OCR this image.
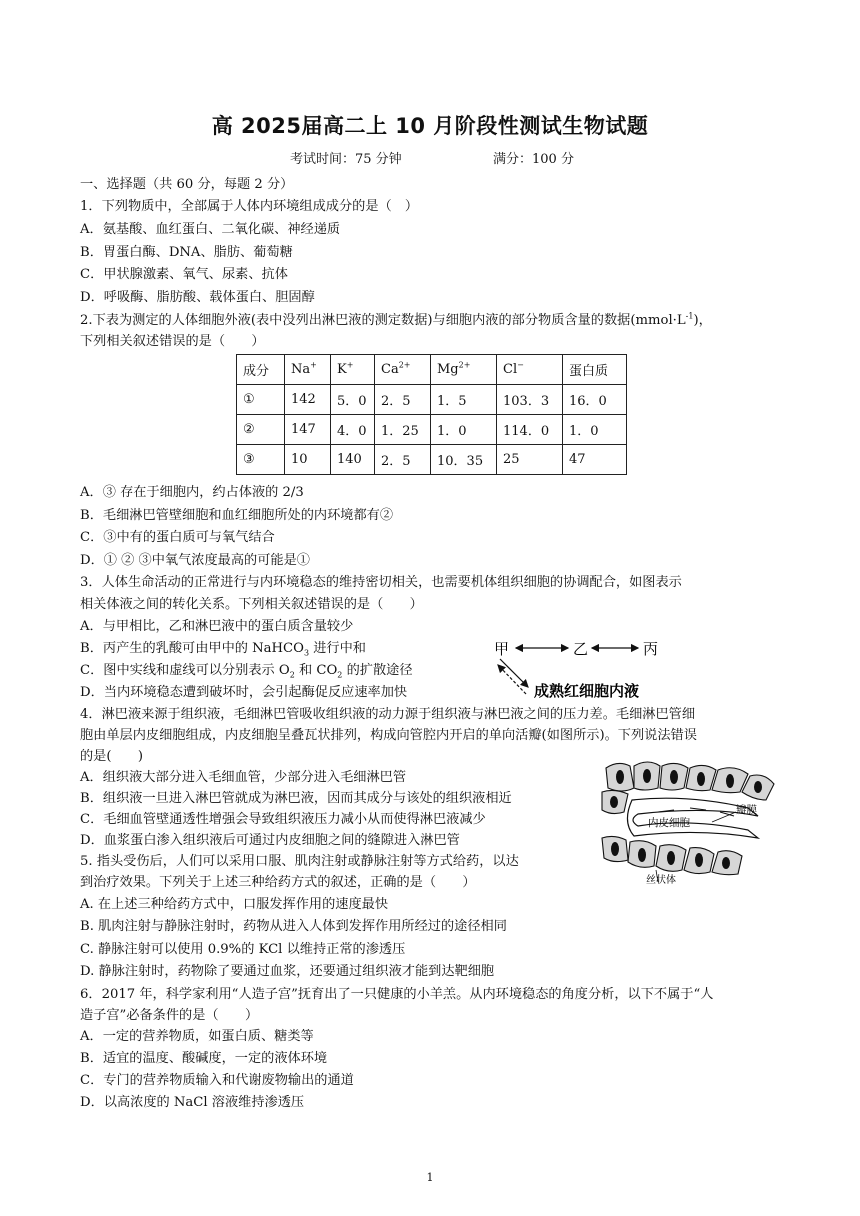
高 2025届高二上 10 月阶段性测试生物试题
考试时间：75 分钟	满分：100 分
一、选择题（共 60 分，每题 2 分）
1．下列物质中，全部属于人体内环境组成成分的是（　）
A．氨基酸、血红蛋白、二氧化碳、神经递质
B．胃蛋白酶、DNA、脂肪、葡萄糖
C．甲状腺激素、氧气、尿素、抗体
D．呼吸酶、脂肪酸、载体蛋白、胆固醇
2.下表为测定的人体细胞外液(表中没列出淋巴液的测定数据)与细胞内液的部分物质含量的数据$(mmol\cdot L^{-1})$，
下列相关叙述错误的是（　　）
成分	Na+	K+	$Ca^{2+}$	$Mg^{2+}$	Cl−	蛋白质
①	142	5．0	2．5	1．5	103．3	16．0
②	147	4．0	1．25	1．0	114．0	1．0
③	10	140	2．5	10．35	25	47
A．③ 存在于细胞内，约占体液的 2/3
B．毛细淋巴管壁细胞和血红细胞所处的内环境都有②
C．③中有的蛋白质可与氧气结合
D．① ② ③中氧气浓度最高的可能是①
3．人体生命活动的正常进行与内环境稳态的维持密切相关，也需要机体组织细胞的协调配合，如图表示
相关体液之间的转化关系。下列相关叙述错误的是（　　）
A．与甲相比，乙和淋巴液中的蛋白质含量较少
B．丙产生的乳酸可由甲中的 NaHCO$_3$ 进行中和
C．图中实线和虚线可以分别表示 $O_2$ 和 $CO_2$ 的扩散途径
D．当内环境稳态遭到破坏时，会引起酶促反应速率加快
甲	乙	丙
成熟红细胞内液
4．淋巴液来源于组织液，毛细淋巴管吸收组织液的动力源于组织液与淋巴液之间的压力差。毛细淋巴管细
胞由单层内皮细胞组成，内皮细胞呈叠瓦状排列，构成向管腔内开启的单向活瓣(如图所示)。下列说法错误
的是(　　)
A．组织液大部分进入毛细血管，少部分进入毛细淋巴管
B．组织液一旦进入淋巴管就成为淋巴液，因而其成分与该处的组织液相近
C．毛细血管壁通透性增强会导致组织液压力减小从而使得淋巴液减少
D．血浆蛋白渗入组织液后可通过内皮细胞之间的缝隙进入淋巴管
内皮细胞
瓣膜
丝状体
5. 指头受伤后，人们可以采用口服、肌肉注射或静脉注射等方式给药，以达
到治疗效果。下列关于上述三种给药方式的叙述，正确的是（　　）
A. 在上述三种给药方式中，口服发挥作用的速度最快
B. 肌肉注射与静脉注射时，药物从进入人体到发挥作用所经过的途径相同
C. 静脉注射可以使用 0.9%的 KCl 以维持正常的渗透压
D. 静脉注射时，药物除了要通过血浆，还要通过组织液才能到达靶细胞
6．2017 年，科学家利用“人造子宫”抚育出了一只健康的小羊羔。从内环境稳态的角度分析，以下不属于“人
造子宫”必备条件的是（　　）
A．一定的营养物质，如蛋白质、糖类等
B．适宜的温度、酸碱度，一定的液体环境
C．专门的营养物质输入和代谢废物输出的通道
D．以高浓度的 NaCl 溶液维持渗透压
1
